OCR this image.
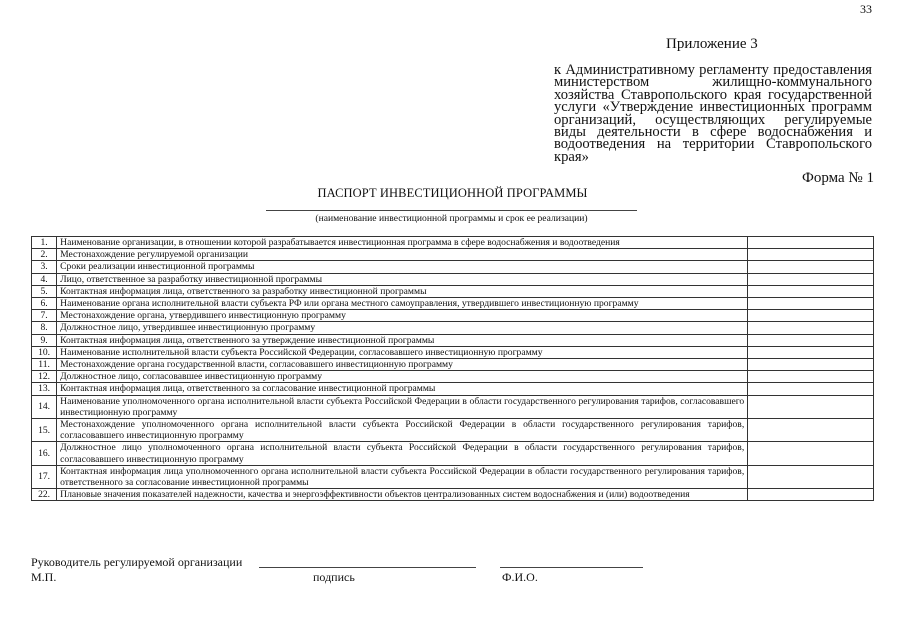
33
Приложение 3
к Административному регламенту предоставления министерством жилищно-коммунального хозяйства Ставропольского края государственной услуги «Утверждение инвестиционных программ организаций, осуществляющих регулируемые виды деятельности в сфере водоснабжения и водоотведения на территории Ставропольского края»
Форма № 1
ПАСПОРТ ИНВЕСТИЦИОННОЙ ПРОГРАММЫ
(наименование инвестиционной программы и срок ее реализации)
1.	Наименование организации, в отношении которой разрабатывается инвестиционная программа в сфере водоснабжения и водоотведения	
2.	Местонахождение регулируемой организации	
3.	Сроки реализации инвестиционной программы	
4.	Лицо, ответственное за разработку инвестиционной программы	
5.	Контактная информация лица, ответственного за разработку инвестиционной программы	
6.	Наименование органа исполнительной власти субъекта РФ или органа местного самоуправления, утвердившего инвестиционную программу	
7.	Местонахождение органа, утвердившего инвестиционную программу	
8.	Должностное лицо, утвердившее инвестиционную программу	
9.	Контактная информация лица, ответственного за утверждение инвестиционной программы	
10.	Наименование исполнительной власти субъекта Российской Федерации, согласовавшего инвестиционную программу	
11.	Местонахождение органа государственной власти, согласовавшего инвестиционную программу	
12.	Должностное лицо, согласовавшее инвестиционную программу	
13.	Контактная информация лица, ответственного за согласование инвестиционной программы	
14.	Наименование уполномоченного органа исполнительной власти субъекта Российской Федерации в области государственного регулирования тарифов, согласовавшего инвестиционную программу	
15.	Местонахождение уполномоченного органа исполнительной власти субъекта Российской Федерации в области государственного регулирования тарифов, согласовавшего инвестиционную программу	
16.	Должностное лицо уполномоченного органа исполнительной власти субъекта Российской Федерации в области государственного регулирования тарифов, согласовавшего инвестиционную программу	
17.	Контактная информация лица уполномоченного органа исполнительной власти субъекта Российской Федерации в области государственного регулирования тарифов, ответственного за согласование инвестиционной программы	
22.	Плановые значения показателей надежности, качества и энергоэффективности объектов централизованных систем водоснабжения и (или) водоотведения	
Руководитель регулируемой организации
М.П.	подпись	Ф.И.О.
